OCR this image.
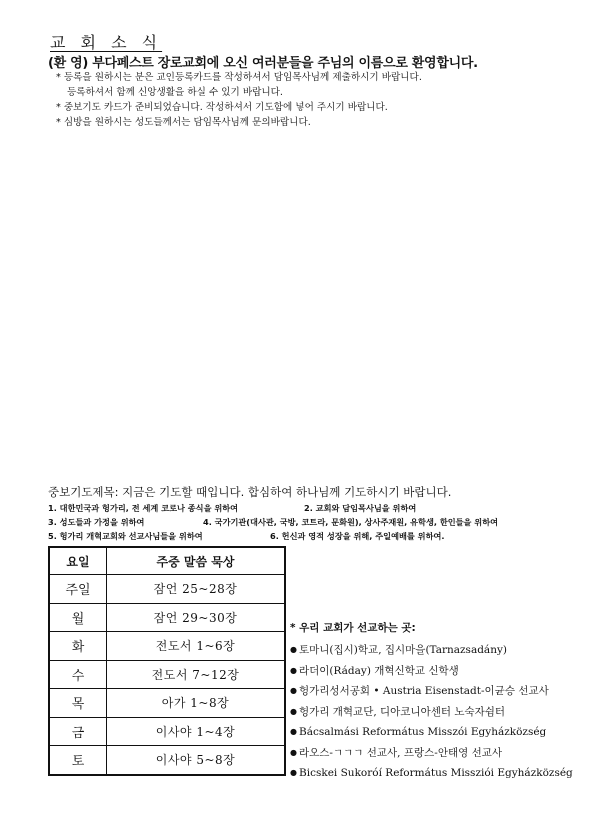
교 회 소 식
(환 영) 부다페스트 장로교회에 오신 여러분들을 주님의 이름으로 환영합니다.
* 등록을 원하시는 분은 교인등록카드를 작성하셔서 담임목사님께 제출하시기 바랍니다.
등록하셔서 함께 신앙생활을 하실 수 있기 바랍니다.
* 중보기도 카드가 준비되었습니다. 작성하셔서 기도함에 넣어 주시기 바랍니다.
* 심방을 원하시는 성도들께서는 담임목사님께 문의바랍니다.
중보기도제목: 지금은 기도할 때입니다. 합심하여 하나님께 기도하시기 바랍니다.
1. 대한민국과 헝가리, 전 세계 코로나 종식을 위하여	2. 교회와 담임목사님을 위하여
3. 성도들과 가정을 위하여	4. 국가기관(대사관, 국방, 코트라, 문화원), 상사주재원, 유학생, 한인들을 위하여
5. 헝가리 개혁교회와 선교사님들을 위하여	6. 헌신과 영적 성장을 위해, 주일예배를 위하여.
요일	주중 말씀 묵상
주일	잠언 25~28장
월	잠언 29~30장
화	전도서 1~6장
수	전도서 7~12장
목	아가 1~8장
금	이사야 1~4장
토	이사야 5~8장
* 우리 교회가 선교하는 곳:
● 토마니(집시)학교, 집시마을(Tarnazsadány)
● 라더이(Ráday) 개혁신학교 신학생
● 헝가리성서공회 • Austria Eisenstadt-이균승 선교사
● 헝가리 개혁교단, 디아코니아센터 노숙자쉼터
● Bácsalmási Református Misszói Egyházközség
● 라오스-ㄱㄱㄱ 선교사, 프랑스-안태영 선교사
● Bicskei Sukoróí Református Missziói Egyházközség
